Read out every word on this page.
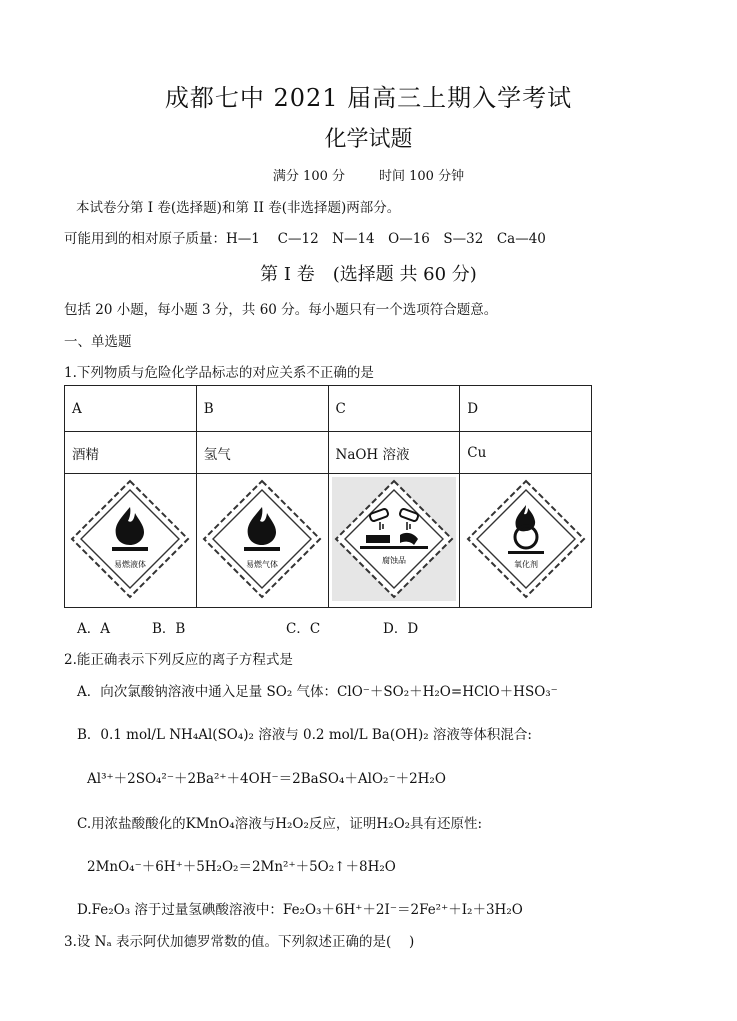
成都七中 2021 届高三上期入学考试
化学试题
满分 100 分	时间 100 分钟
本试卷分第 I 卷(选择题)和第 II 卷(非选择题)两部分。
可能用到的相对原子质量：H—1　 C—12　N—14　O—16　S—32　Ca—40
第 I 卷　(选择题 共 60 分)
包括 20 小题，每小题 3 分，共 60 分。每小题只有一个选项符合题意。
一、单选题
1.下列物质与危险化学品标志的对应关系不正确的是
A	B	C	D
酒精	氢气	NaOH 溶液	Cu

易燃液体	易燃气体	腐蚀品	氧化剂
A．A	B．B	C．C	D．D
2.能正确表示下列反应的离子方程式是
A．向次氯酸钠溶液中通入足量 SO₂ 气体：ClO⁻＋SO₂＋H₂O=HClO＋HSO₃⁻
B．0.1 mol/L NH₄Al(SO₄)₂ 溶液与 0.2 mol/L Ba(OH)₂ 溶液等体积混合:
Al³⁺＋2SO₄²⁻＋2Ba²⁺＋4OH⁻＝2BaSO₄＋AlO₂⁻＋2H₂O
C.用浓盐酸酸化的KMnO₄溶液与H₂O₂反应，证明H₂O₂具有还原性:
2MnO₄⁻＋6H⁺＋5H₂O₂＝2Mn²⁺＋5O₂↑＋8H₂O
D.Fe₂O₃ 溶于过量氢碘酸溶液中：Fe₂O₃＋6H⁺＋2I⁻＝2Fe²⁺＋I₂＋3H₂O
3.设 Nₐ 表示阿伏加德罗常数的值。下列叙述正确的是(　 )
